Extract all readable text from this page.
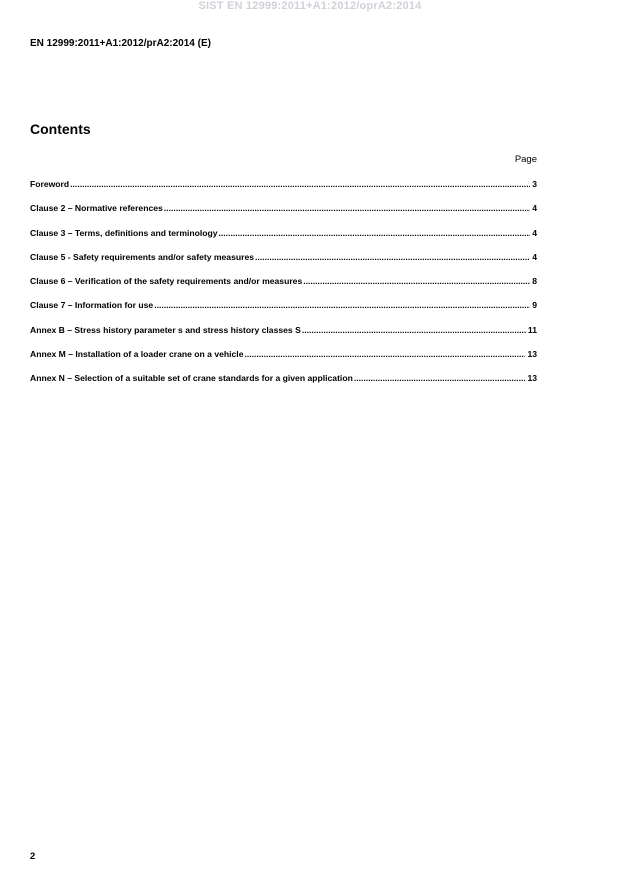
SIST EN 12999:2011+A1:2012/oprA2:2014
EN 12999:2011+A1:2012/prA2:2014 (E)
Contents
Page
Foreword .....	3
Clause 2 – Normative references .....	4
Clause 3 – Terms, definitions and terminology .....	4
Clause 5 - Safety requirements and/or safety measures .....	4
Clause 6 – Verification of the safety requirements and/or measures .....	8
Clause 7 – Information for use .....	9
Annex B – Stress history parameter s and stress history classes S .....	11
Annex M – Installation of a loader crane on a vehicle .....	13
Annex N – Selection of a suitable set of crane standards for a given application .....	13
2
